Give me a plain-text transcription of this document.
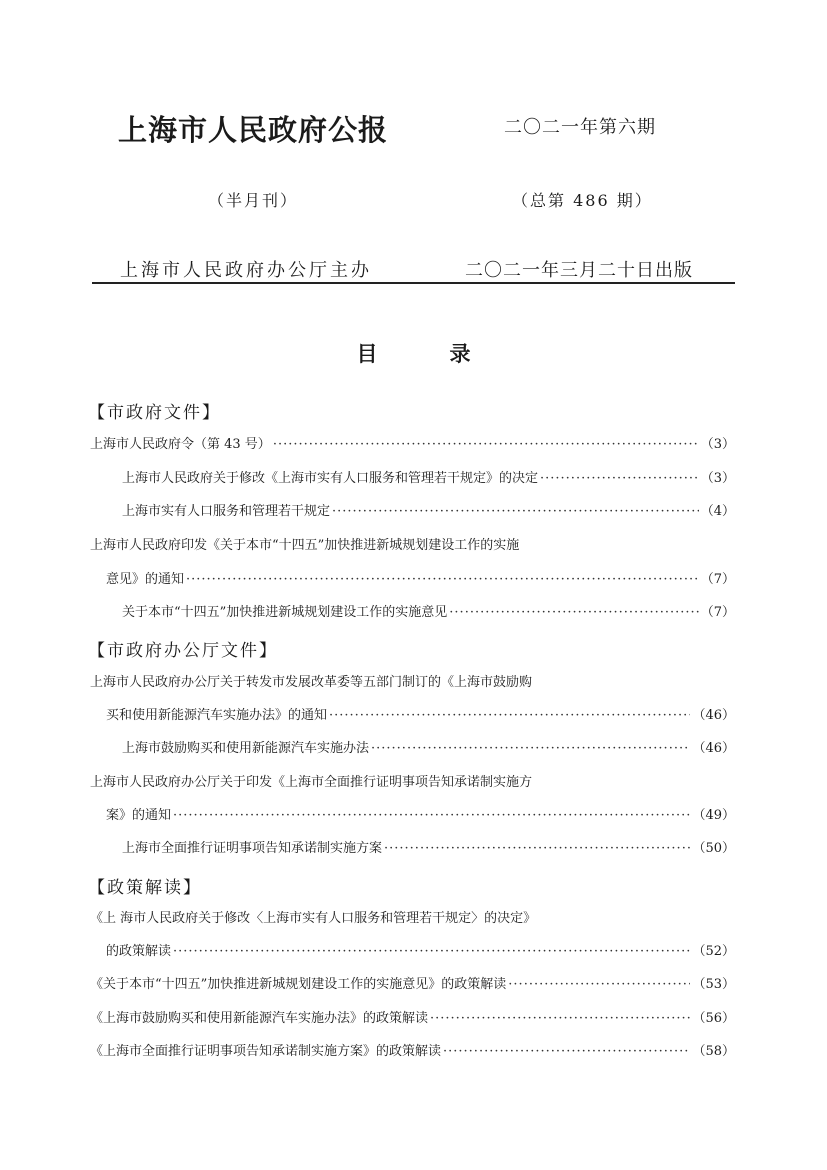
上海市人民政府公报	二〇二一年第六期
（半月刊）	（总第 486 期）
上海市人民政府办公厅主办	二〇二一年三月二十日出版
目	录
【市政府文件】
上海市人民政府令（第 43 号） ·····	（3）
上海市人民政府关于修改《上海市实有人口服务和管理若干规定》的决定 ·····	（3）
上海市实有人口服务和管理若干规定 ·····	（4）
上海市人民政府印发《关于本市“十四五”加快推进新城规划建设工作的实施
意见》的通知 ·····	（7）
关于本市“十四五”加快推进新城规划建设工作的实施意见 ·····	（7）
【市政府办公厅文件】
上海市人民政府办公厅关于转发市发展改革委等五部门制订的《上海市鼓励购
买和使用新能源汽车实施办法》的通知 ·····	（46）
上海市鼓励购买和使用新能源汽车实施办法 ·····	（46）
上海市人民政府办公厅关于印发《上海市全面推行证明事项告知承诺制实施方
案》的通知 ·····	（49）
上海市全面推行证明事项告知承诺制实施方案 ·····	（50）
【政策解读】
《上 海市人民政府关于修改〈上海市实有人口服务和管理若干规定〉的决定》
的政策解读 ·····	（52）
《关于本市“十四五”加快推进新城规划建设工作的实施意见》的政策解读 ·····	（53）
《上海市鼓励购买和使用新能源汽车实施办法》的政策解读 ·····	（56）
《上海市全面推行证明事项告知承诺制实施方案》的政策解读 ·····	（58）
